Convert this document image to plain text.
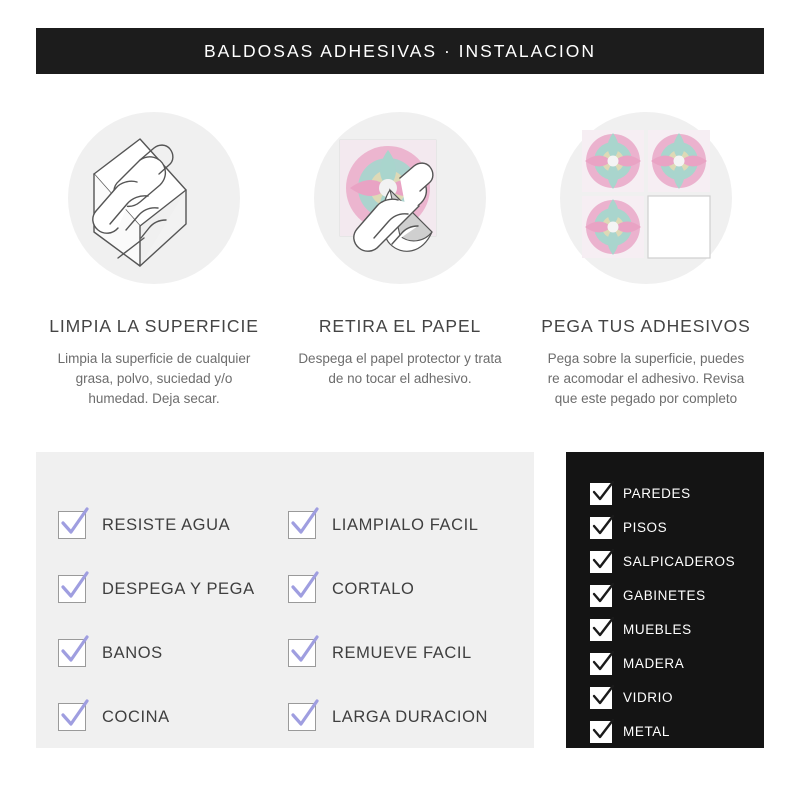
BALDOSAS ADHESIVAS · INSTALACION
LIMPIA LA SUPERFICIE
Limpia la superficie de cualquier grasa, polvo, suciedad y/o humedad. Deja secar.
RETIRA EL PAPEL
Despega el papel protector y trata de no tocar el adhesivo.
PEGA TUS ADHESIVOS
Pega sobre la superficie, puedes re acomodar el adhesivo. Revisa que este pegado por completo
RESISTE AGUA	LIAMPIALO FACIL
DESPEGA Y PEGA	CORTALO
BANOS	REMUEVE FACIL
COCINA	LARGA DURACION
PAREDES
PISOS
SALPICADEROS
GABINETES
MUEBLES
MADERA
VIDRIO
METAL
